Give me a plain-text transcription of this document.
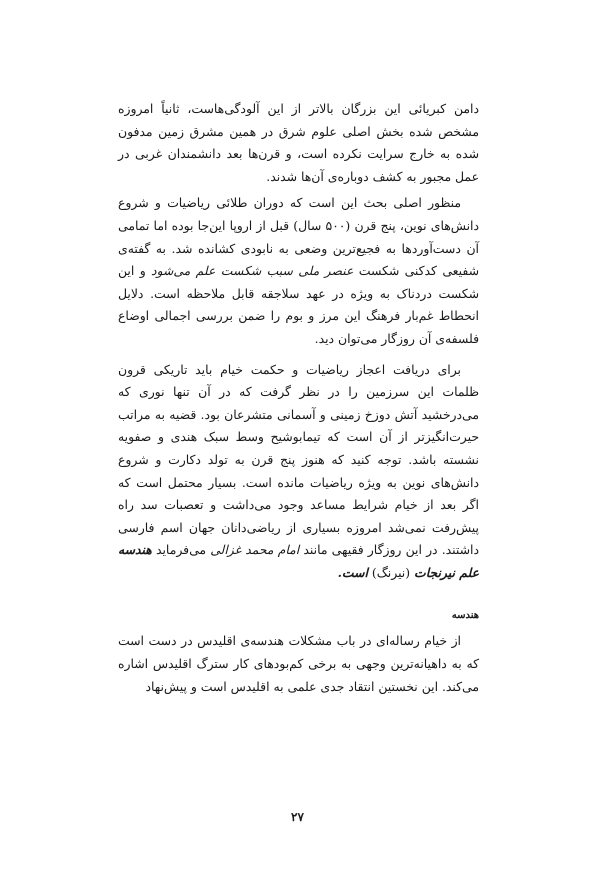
دامن کبریائی این بزرگان بالاتر از این آلودگی‌هاست، ثانیاً امروزه مشخص شده بخش اصلی علوم شرق در همین مشرق زمین مدفون شده به خارج سرایت نکرده است، و قرن‌ها بعد دانشمندان غربی در عمل مجبور به کشف دوباره‌ی آن‌ها شدند.

منظور اصلی بحث این است که دوران طلائی ریاضیات و شروع دانش‌های نوین، پنج قرن (۵۰۰ سال) قبل از اروپا این‌جا بوده اما تمامی آن دست‌آوردها به فجیع‌ترین وضعی به نابودی کشانده شد. به گفته‌ی شفیعی کدکنی شکست عنصر ملی سبب شکست علم می‌شود و این شکست دردناک به ویژه در عهد سلاجقه قابل ملاحظه است. دلایل انحطاط غم‌بار فرهنگ این مرز و بوم را ضمن بررسی اجمالی اوضاع فلسفه‌ی آن روزگار می‌توان دید.

برای دریافت اعجاز ریاضیات و حکمت خیام باید تاریکی قرون ظلمات این سرزمین را در نظر گرفت که در آن تنها نوری که می‌درخشید آتش دوزخ زمینی و آسمانی متشرعان بود. قضیه به مراتب حیرت‌انگیزتر از آن است که تیمابوشیح وسط سبک هندی و صفویه نشسته باشد. توجه کنید که هنوز پنج قرن به تولد دکارت و شروع دانش‌های نوین به ویژه ریاضیات مانده است. بسیار محتمل است که اگر بعد از خیام شرایط مساعد وجود می‌داشت و تعصبات سد راه پیش‌رفت نمی‌شد امروزه بسیاری از ریاضی‌دانان جهان اسم فارسی داشتند. در این روزگار فقیهی مانند امام محمد غزالی می‌فرماید هندسه علم نیرنجات (نیرنگ) است.

هندسه

از خیام رساله‌ای در باب مشکلات هندسه‌ی اقلیدس در دست است که به داهیانه‌ترین وجهی به برخی کم‌بودهای کار سترگ اقلیدس اشاره می‌کند. این نخستین انتقاد جدی علمی به اقلیدس است و پیش‌نهاد

۲۷
